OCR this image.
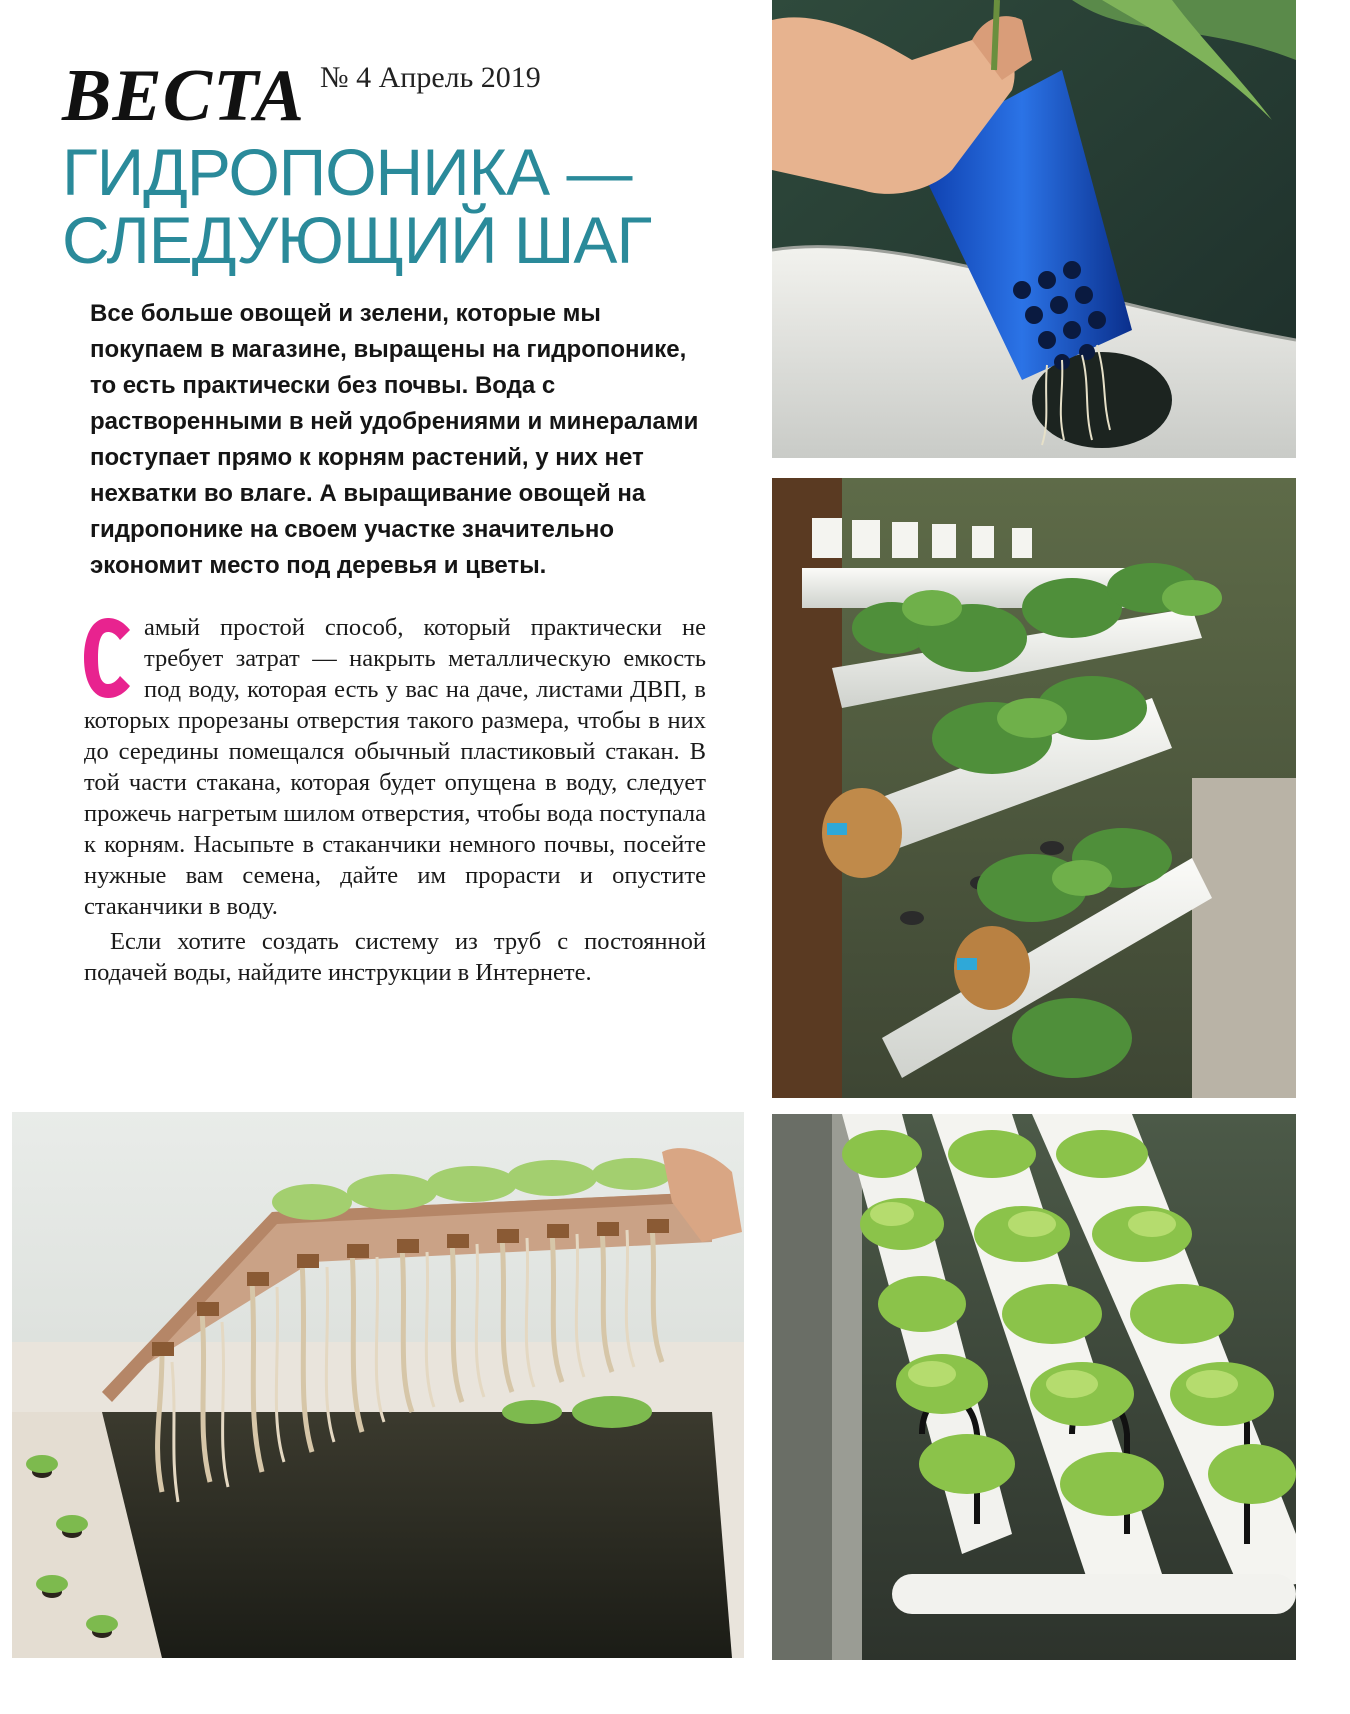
ВЕСТА № 4 Апрель 2019
ГИДРОПОНИКА —
СЛЕДУЮЩИЙ ШАГ

Все больше овощей и зелени, которые мы покупаем в магазине, выращены на гидропонике, то есть практически без почвы. Вода с растворенными в ней удобрениями и минералами поступает прямо к корням растений, у них нет нехватки во влаге. А выращивание овощей на гидропонике на своем участке значительно экономит место под деревья и цветы.

амый простой способ, который практически не требует затрат — накрыть металлическую емкость под воду, которая есть у вас на даче, листами ДВП, в которых прорезаны отверстия такого размера, чтобы в них до середины помещался обычный пластиковый стакан. В той части стакана, которая будет опущена в воду, следует прожечь нагретым шилом отверстия, чтобы вода поступала к корням. Насыпьте в стаканчики немного почвы, посейте нужные вам семена, дайте им прорасти и опустите стаканчики в воду.

Если хотите создать систему из труб с постоянной подачей воды, найдите инструкции в Интернете.
